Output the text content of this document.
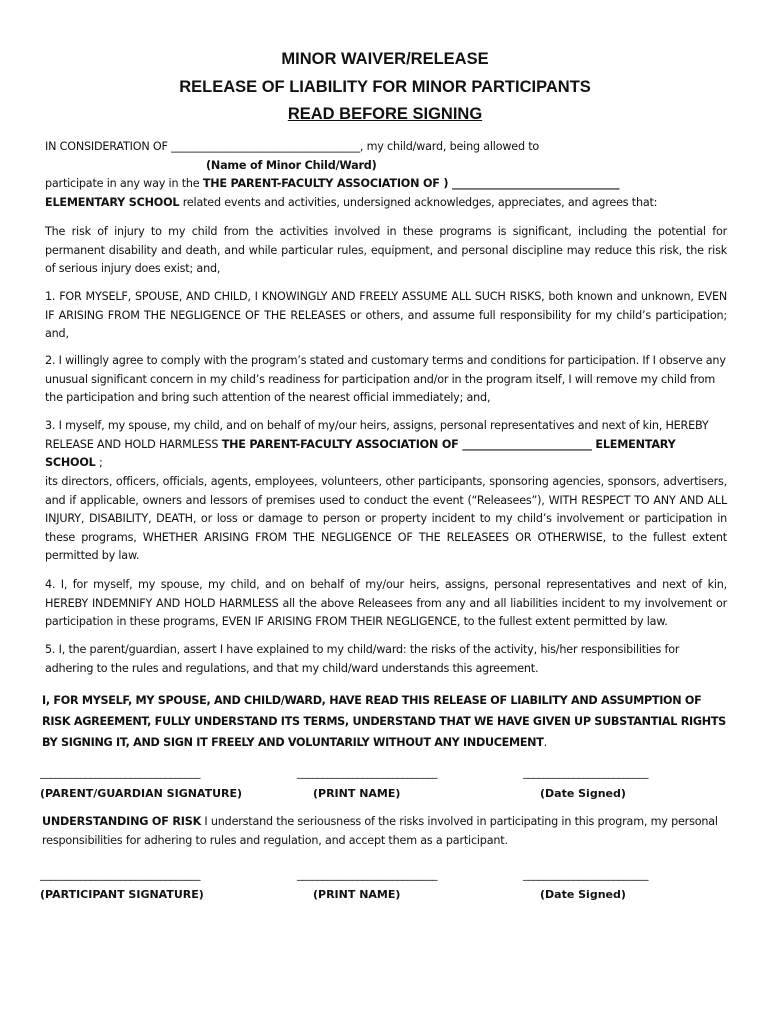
MINOR WAIVER/RELEASE
RELEASE OF LIABILITY FOR MINOR PARTICIPANTS
READ BEFORE SIGNING

IN CONSIDERATION OF ___________________________________, my child/ward, being allowed to

(Name of Minor Child/Ward)

participate in any way in the THE PARENT-FACULTY ASSOCIATION OF ) _______________________________

ELEMENTARY SCHOOL related events and activities, undersigned acknowledges, appreciates, and agrees that:

The risk of injury to my child from the activities involved in these programs is significant, including the potential for permanent disability and death, and while particular rules, equipment, and personal discipline may reduce this risk, the risk of serious injury does exist; and,

1. FOR MYSELF, SPOUSE, AND CHILD, I KNOWINGLY AND FREELY ASSUME ALL SUCH RISKS, both known and unknown, EVEN IF ARISING FROM THE NEGLIGENCE OF THE RELEASES or others, and assume full responsibility for my child’s participation; and,

2. I willingly agree to comply with the program’s stated and customary terms and conditions for participation. If I observe any unusual significant concern in my child’s readiness for participation and/or in the program itself, I will remove my child from the participation and bring such attention of the nearest official immediately; and,

3. I myself, my spouse, my child, and on behalf of my/our heirs, assigns, personal representatives and next of kin, HEREBY RELEASE AND HOLD HARMLESS THE PARENT-FACULTY ASSOCIATION OF ________________________ ELEMENTARY SCHOOL ;

its directors, officers, officials, agents, employees, volunteers, other participants, sponsoring agencies, sponsors, advertisers, and if applicable, owners and lessors of premises used to conduct the event (“Releasees”), WITH RESPECT TO ANY AND ALL INJURY, DISABILITY, DEATH, or loss or damage to person or property incident to my child’s involvement or participation in these programs, WHETHER ARISING FROM THE NEGLIGENCE OF THE RELEASEES OR OTHERWISE, to the fullest extent permitted by law.

4. I, for myself, my spouse, my child, and on behalf of my/our heirs, assigns, personal representatives and next of kin, HEREBY INDEMNIFY AND HOLD HARMLESS all the above Releasees from any and all liabilities incident to my involvement or participation in these programs, EVEN IF ARISING FROM THEIR NEGLIGENCE, to the fullest extent permitted by law.

5. I, the parent/guardian, assert I have explained to my child/ward: the risks of the activity, his/her responsibilities for adhering to the rules and regulations, and that my child/ward understands this agreement.

I, FOR MYSELF, MY SPOUSE, AND CHILD/WARD, HAVE READ THIS RELEASE OF LIABILITY AND ASSUMPTION OF RISK AGREEMENT, FULLY UNDERSTAND ITS TERMS, UNDERSTAND THAT WE HAVE GIVEN UP SUBSTANTIAL RIGHTS BY SIGNING IT, AND SIGN IT FREELY AND VOLUNTARILY WITHOUT ANY INDUCEMENT.

________________________________	____________________________	_________________________
(PARENT/GUARDIAN SIGNATURE)	(PRINT NAME)	(Date Signed)

UNDERSTANDING OF RISK I understand the seriousness of the risks involved in participating in this program, my personal responsibilities for adhering to rules and regulation, and accept them as a participant.

________________________________	____________________________	_________________________
(PARTICIPANT SIGNATURE)	(PRINT NAME)	(Date Signed)
